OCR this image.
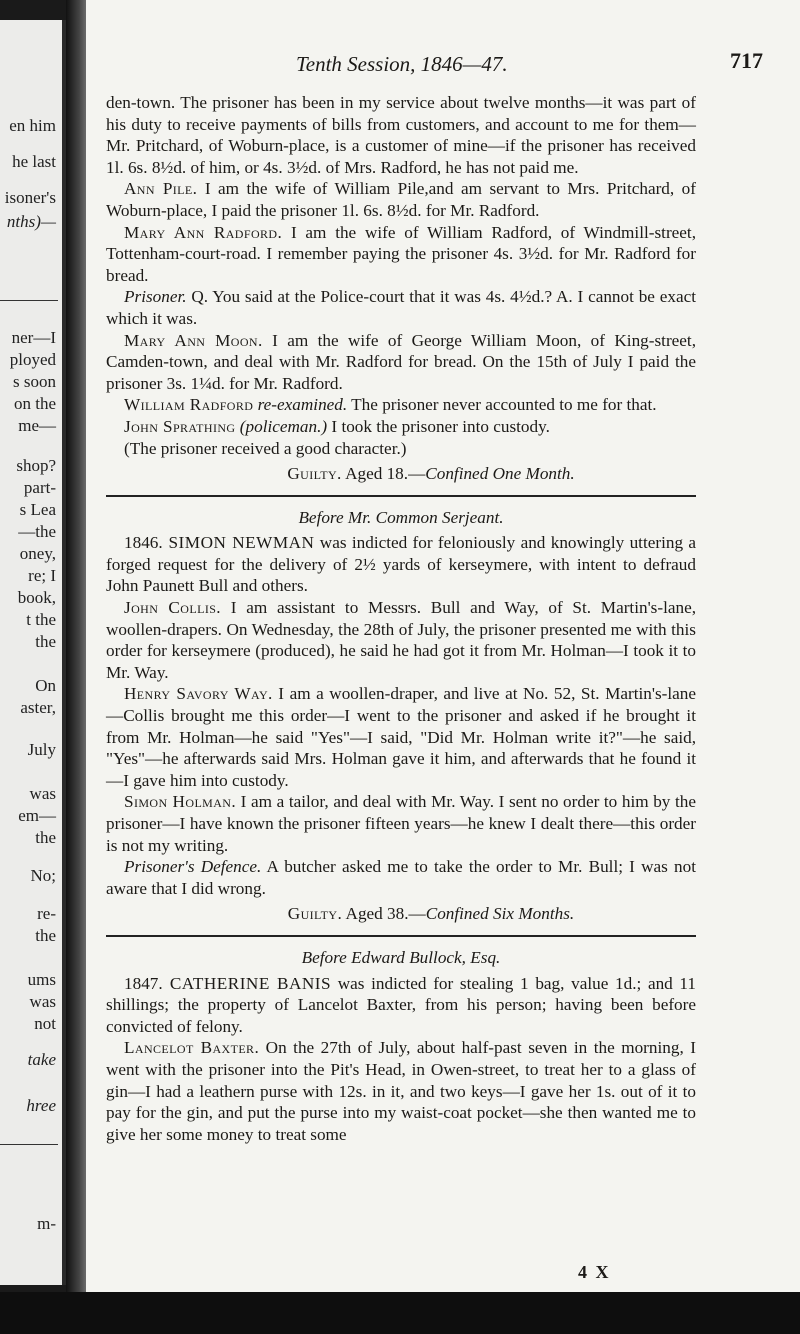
en him
he last
isoner's
nths)—
ner—I
ployed
s soon
on the
me—
shop?
part-
s Lea
—the
oney,
re; I
book,
t the
the
On
aster,
July
was
em—
the
No;
re-
the
ums
was
not
take
hree
m-
Tenth Session, 1846—47.	717

den-town. The prisoner has been in my service about twelve months—it was part of his duty to receive payments of bills from customers, and account to me for them—Mr. Pritchard, of Woburn-place, is a customer of mine—if the prisoner has received 1l. 6s. 8½d. of him, or 4s. 3½d. of Mrs. Radford, he has not paid me.

Ann Pile. I am the wife of William Pile,and am servant to Mrs. Pritchard, of Woburn-place, I paid the prisoner 1l. 6s. 8½d. for Mr. Radford.

Mary Ann Radford. I am the wife of William Radford, of Windmill-street, Tottenham-court-road. I remember paying the prisoner 4s. 3½d. for Mr. Radford for bread.

Prisoner. Q. You said at the Police-court that it was 4s. 4½d.? A. I cannot be exact which it was.

Mary Ann Moon. I am the wife of George William Moon, of King-street, Camden-town, and deal with Mr. Radford for bread. On the 15th of July I paid the prisoner 3s. 1¼d. for Mr. Radford.

William Radford re-examined. The prisoner never accounted to me for that.

John Sprathing (policeman.) I took the prisoner into custody.

(The prisoner received a good character.)

Guilty. Aged 18.—Confined One Month.

Before Mr. Common Serjeant.

1846. SIMON NEWMAN was indicted for feloniously and knowingly uttering a forged request for the delivery of 2½ yards of kerseymere, with intent to defraud John Paunett Bull and others.

John Collis. I am assistant to Messrs. Bull and Way, of St. Martin's-lane, woollen-drapers. On Wednesday, the 28th of July, the prisoner presented me with this order for kerseymere (produced), he said he had got it from Mr. Holman—I took it to Mr. Way.

Henry Savory Way. I am a woollen-draper, and live at No. 52, St. Martin's-lane—Collis brought me this order—I went to the prisoner and asked if he brought it from Mr. Holman—he said "Yes"—I said, "Did Mr. Holman write it?"—he said, "Yes"—he afterwards said Mrs. Holman gave it him, and afterwards that he found it—I gave him into custody.

Simon Holman. I am a tailor, and deal with Mr. Way. I sent no order to him by the prisoner—I have known the prisoner fifteen years—he knew I dealt there—this order is not my writing.

Prisoner's Defence. A butcher asked me to take the order to Mr. Bull; I was not aware that I did wrong.

Guilty. Aged 38.—Confined Six Months.

Before Edward Bullock, Esq.

1847. CATHERINE BANIS was indicted for stealing 1 bag, value 1d.; and 11 shillings; the property of Lancelot Baxter, from his person; having been before convicted of felony.

Lancelot Baxter. On the 27th of July, about half-past seven in the morning, I went with the prisoner into the Pit's Head, in Owen-street, to treat her to a glass of gin—I had a leathern purse with 12s. in it, and two keys—I gave her 1s. out of it to pay for the gin, and put the purse into my waist-coat pocket—she then wanted me to give her some money to treat some

4 X
